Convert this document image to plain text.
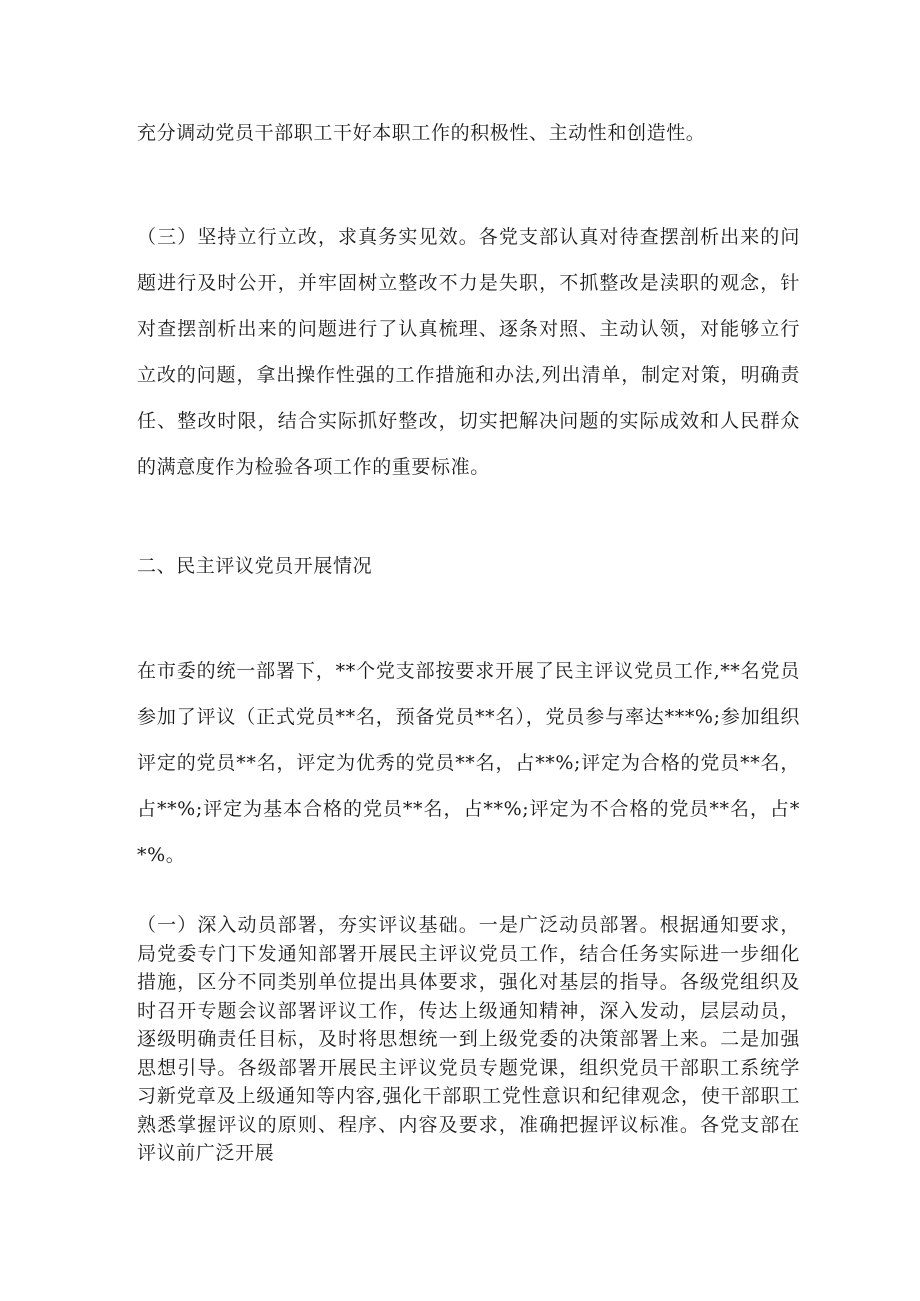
充分调动党员干部职工干好本职工作的积极性、主动性和创造性。

（三）坚持立行立改，求真务实见效。各党支部认真对待查摆剖析出来的问题进行及时公开，并牢固树立整改不力是失职，不抓整改是渎职的观念，针对查摆剖析出来的问题进行了认真梳理、逐条对照、主动认领，对能够立行立改的问题，拿出操作性强的工作措施和办法,列出清单，制定对策，明确责任、整改时限，结合实际抓好整改，切实把解决问题的实际成效和人民群众的满意度作为检验各项工作的重要标准。

二、民主评议党员开展情况

在市委的统一部署下，**个党支部按要求开展了民主评议党员工作,**名党员参加了评议（正式党员**名，预备党员**名），党员参与率达***%;参加组织评定的党员**名，评定为优秀的党员**名，占**%;评定为合格的党员**名，占**%;评定为基本合格的党员**名，占**%;评定为不合格的党员**名，占**%。

（一）深入动员部署，夯实评议基础。一是广泛动员部署。根据通知要求，局党委专门下发通知部署开展民主评议党员工作，结合任务实际进一步细化措施，区分不同类别单位提出具体要求，强化对基层的指导。各级党组织及时召开专题会议部署评议工作，传达上级通知精神，深入发动，层层动员，逐级明确责任目标，及时将思想统一到上级党委的决策部署上来。二是加强思想引导。各级部署开展民主评议党员专题党课，组织党员干部职工系统学习新党章及上级通知等内容,强化干部职工党性意识和纪律观念，使干部职工熟悉掌握评议的原则、程序、内容及要求，准确把握评议标准。各党支部在评议前广泛开展
